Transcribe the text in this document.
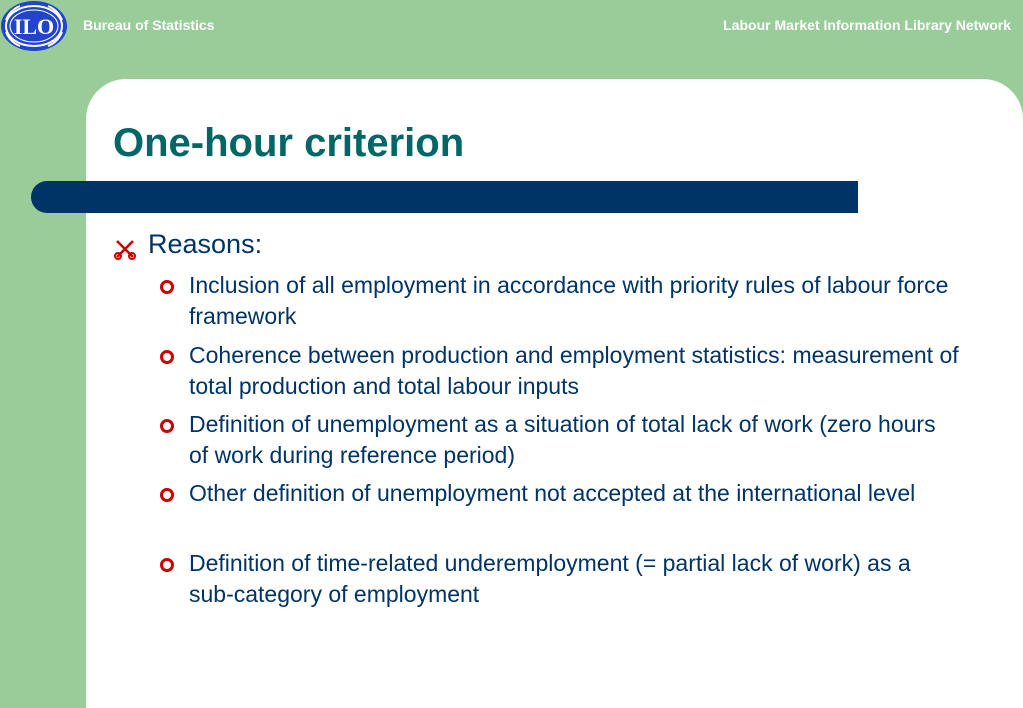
ILO Bureau of Statistics	Labour Market Information Library Network
One-hour criterion
Reasons:
Inclusion of all employment in accordance with priority rules of labour force framework
Coherence between production and employment statistics: measurement of total production and total labour inputs
Definition of unemployment as a situation of total lack of work (zero hours of work during reference period)
Other definition of unemployment not accepted at the international level
Definition of time-related underemployment (= partial lack of work) as a sub-category of employment
